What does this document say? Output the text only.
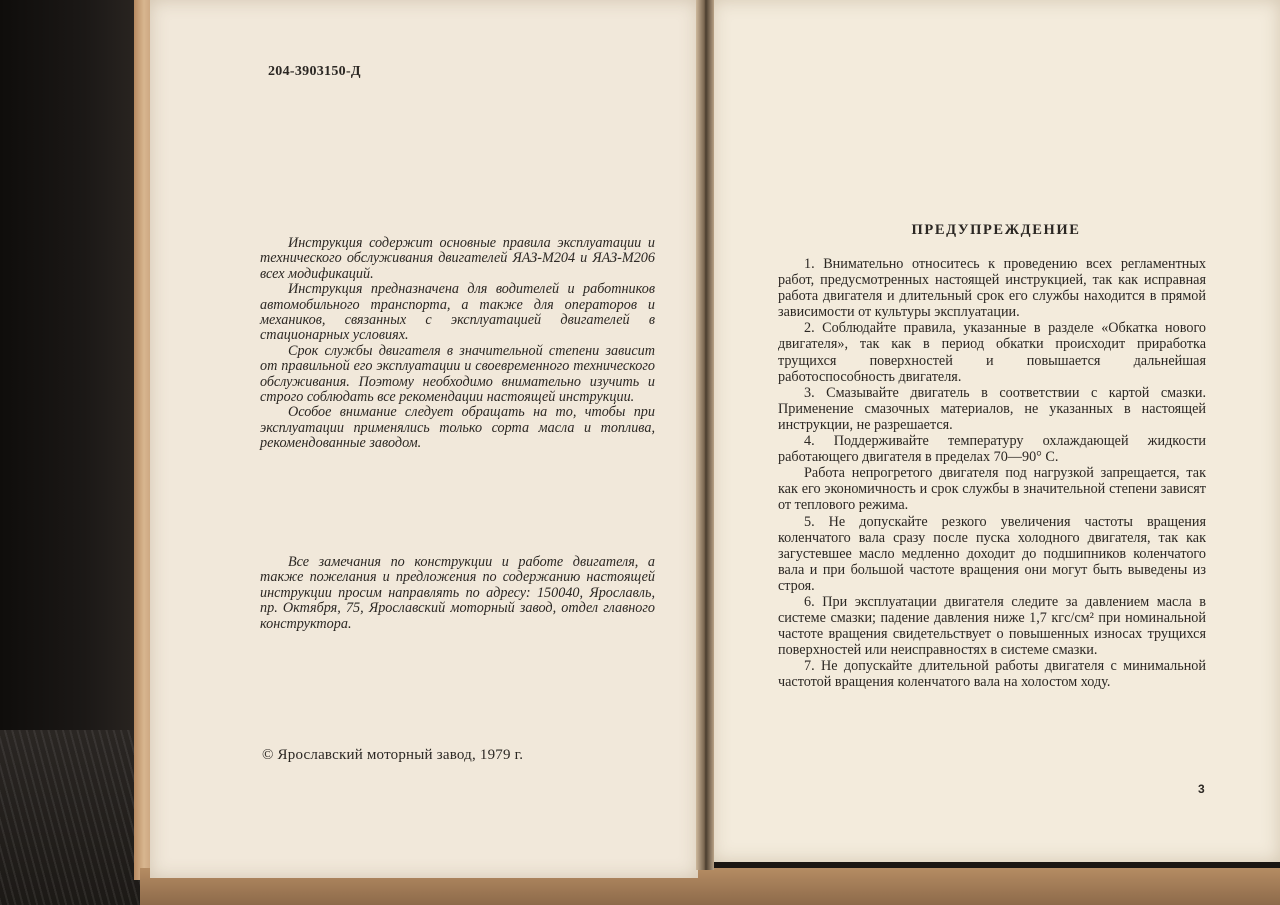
204-3903150-Д

Инструкция содержит основные правила эксплуатации и технического обслуживания двигателей ЯАЗ-М204 и ЯАЗ-М206 всех модификаций.

Инструкция предназначена для водителей и работников автомобильного транспорта, а также для операторов и механиков, связанных с эксплуатацией двигателей в стационарных условиях.

Срок службы двигателя в значительной степени зависит от правильной его эксплуатации и своевременного технического обслуживания. Поэтому необходимо внимательно изучить и строго соблюдать все рекомендации настоящей инструкции.

Особое внимание следует обращать на то, чтобы при эксплуатации применялись только сорта масла и топлива, рекомендованные заводом.

Все замечания по конструкции и работе двигателя, а также пожелания и предложения по содержанию настоящей инструкции просим направлять по адресу: 150040, Ярославль, пр. Октября, 75, Ярославский моторный завод, отдел главного конструктора.

© Ярославский моторный завод, 1979 г.
ПРЕДУПРЕЖДЕНИЕ

1. Внимательно относитесь к проведению всех регламентных работ, предусмотренных настоящей инструкцией, так как исправная работа двигателя и длительный срок его службы находится в прямой зависимости от культуры эксплуатации.

2. Соблюдайте правила, указанные в разделе «Обкатка нового двигателя», так как в период обкатки происходит приработка трущихся поверхностей и повышается дальнейшая работоспособность двигателя.

3. Смазывайте двигатель в соответствии с картой смазки. Применение смазочных материалов, не указанных в настоящей инструкции, не разрешается.

4. Поддерживайте температуру охлаждающей жидкости работающего двигателя в пределах 70—90° С.

Работа непрогретого двигателя под нагрузкой запрещается, так как его экономичность и срок службы в значительной степени зависят от теплового режима.

5. Не допускайте резкого увеличения частоты вращения коленчатого вала сразу после пуска холодного двигателя, так как загустевшее масло медленно доходит до подшипников коленчатого вала и при большой частоте вращения они могут быть выведены из строя.

6. При эксплуатации двигателя следите за давлением масла в системе смазки; падение давления ниже 1,7 кгс/см² при номинальной частоте вращения свидетельствует о повышенных износах трущихся поверхностей или неисправностях в системе смазки.

7. Не допускайте длительной работы двигателя с минимальной частотой вращения коленчатого вала на холостом ходу.

3
